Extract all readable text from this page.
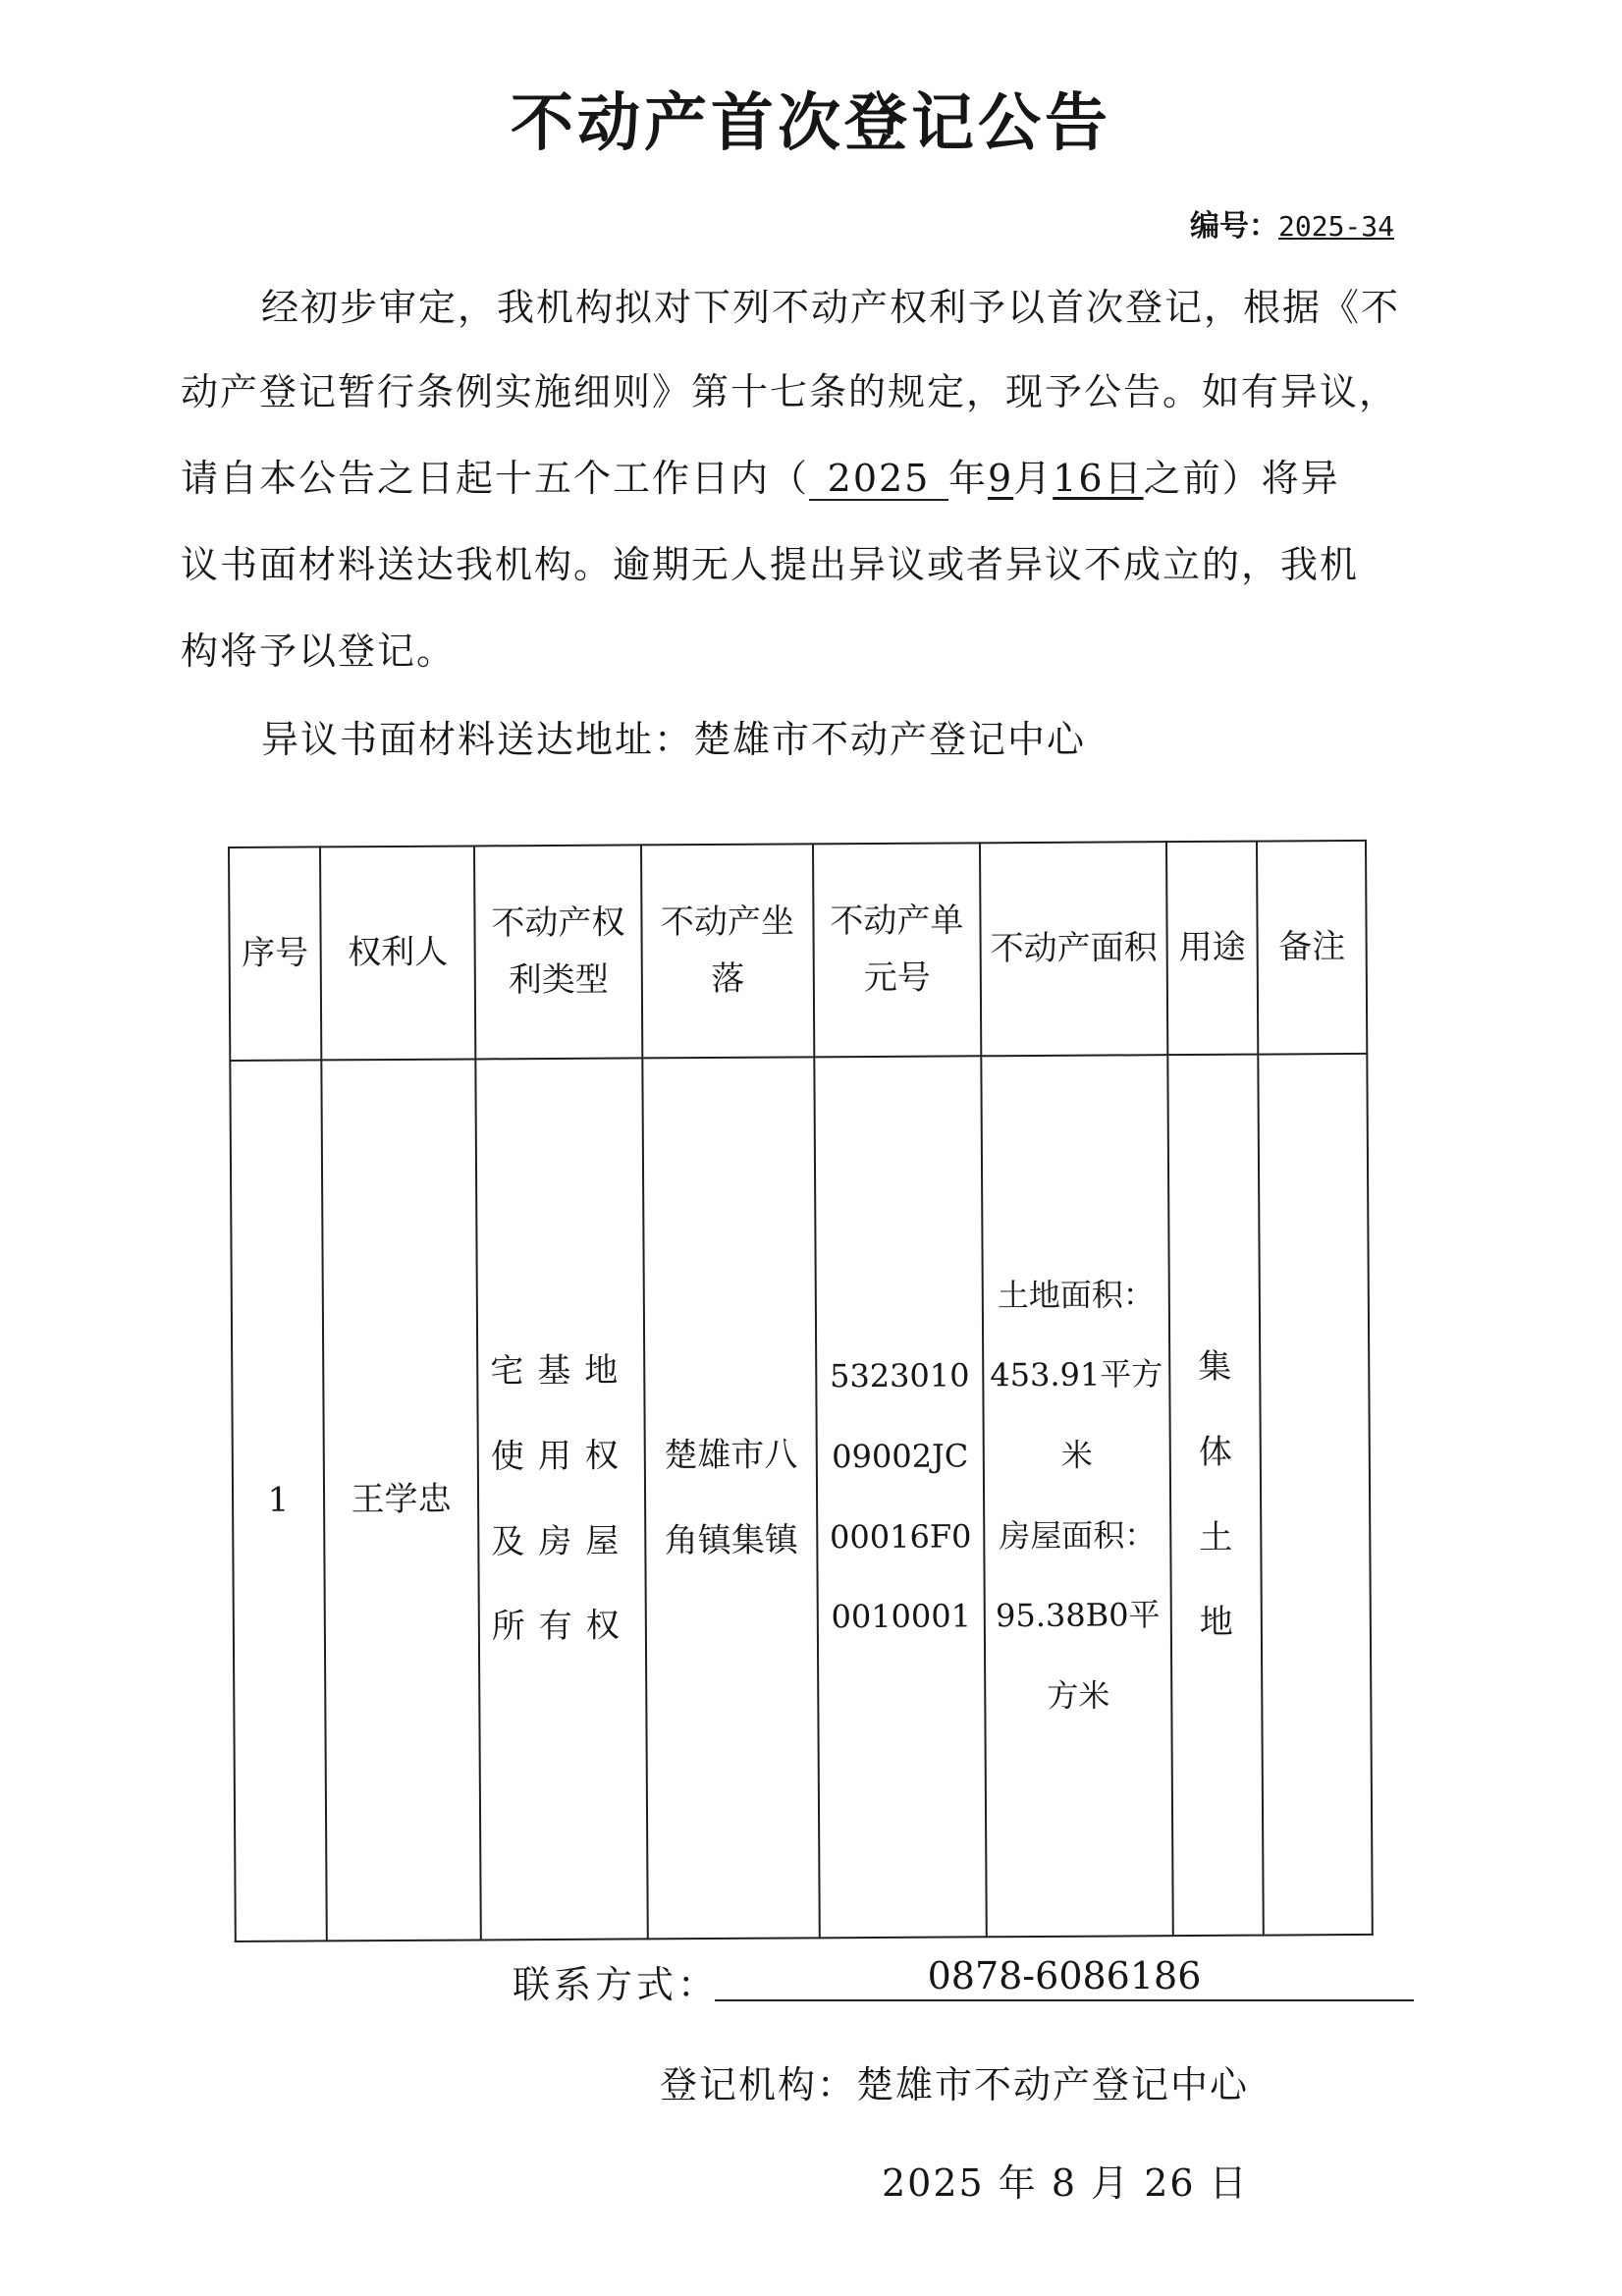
不动产首次登记公告
编号：2025-34
经初步审定，我机构拟对下列不动产权利予以首次登记，根据《不
动产登记暂行条例实施细则》第十七条的规定，现予公告。如有异议，
请自本公告之日起十五个工作日内（ 2025 年9月16日之前）将异
议书面材料送达我机构。逾期无人提出异议或者异议不成立的，我机
构将予以登记。
异议书面材料送达地址：楚雄市不动产登记中心
序号	权利人	不动产权利类型	不动产坐落	不动产单元号	不动产面积	用途	备注
1	王学忠	宅基地使用权及房屋所有权	楚雄市八角镇集镇	532301009002JC00016F00010001	土地面积：
453.91平方米
房屋面积：
95.38B0平方米	集体土地	
联系方式：	0878-6086186
登记机构：楚雄市不动产登记中心
2025 年 8 月 26 日
